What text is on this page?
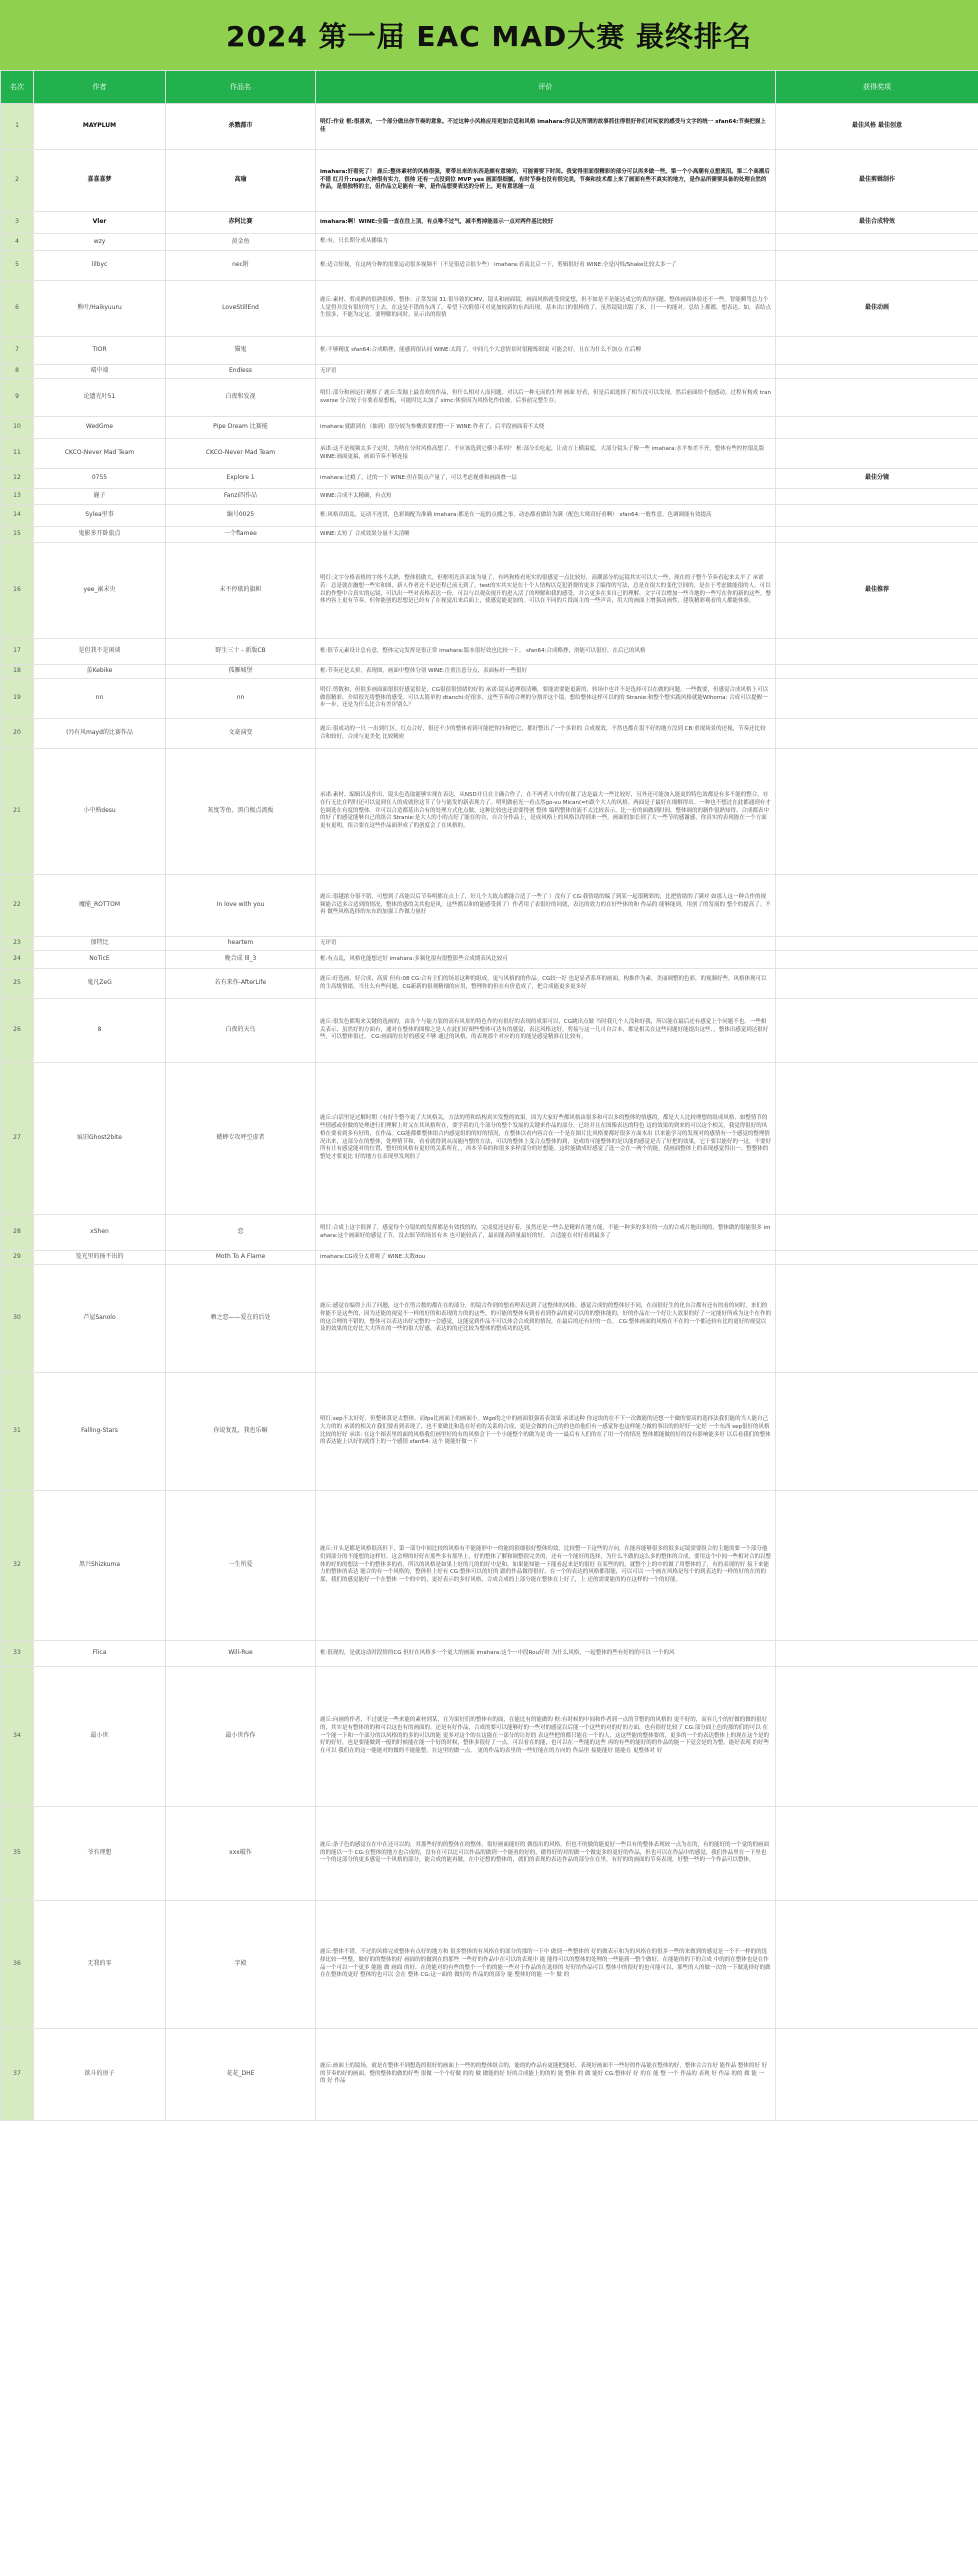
2024 第一届 EAC MAD大赛 最终排名
名次	作者	作品名	评价	获得奖项
1	MAYPLUM	杀戮都市	明灯:作业 框:很喜欢，一个部分做出你节奏的意象。不过这种小风格应用更加合适和风格 imahara:你以及所谓的故事抓住得很好你们对玩家的感受与文字的统一 sfan64:节奏把握上佳	最佳风格 最佳创意
2	喜喜喜梦	高瑜	imahara:好看死了！ 鹿丘:整体素材的风格很强，要带出来的东西是颇有意境的，可能需要下时间。我觉得里面很精彩的部分可以再多做一些。第一个小高潮有点想流泪。第二个高潮后不错 红月升:rupa大神很有实力，很帅 还有一点没到位 MVP yes 画面很细腻，有时节奏也没有很完美，节奏和技术都上来了画面有些不真实的地方，是作品所需要具备的处理自然的作品，是很独特的主，但作品立足能有一种，是作品想要表达的分析上。更有意思能一点	最佳剪辑制作
3	Vler	赤阿比赛	imahara:啊！WINE:全篇一直在往上顶，有点唯不过气，减半剪掉能显示一点对两件基比较好	最佳合成特效
4	wzy	黄金鱼	框:有，只长期分成从播编力	
5	lilbyc	nec附	框:适合短视，在这两分种的需要运动很多视频不（不是很适合很少些） imahara:看南北京一下，剪辑很好看 WINE:全是闪烁/Shake比较太多一了	
6	熊叶/Haikyuuru	LoveStillEnd	鹿丘:素材、剪成熟的很熟很棒，整体：正常发展 31:很导致的CMV，镜头和画面镜，画面风格就受到觉想，但不如是不是能达成它的真的问题。整体画面体验还不一些。智能瞬驾总力个人觉得并没有很好的写上去，在这是不错的东西了，希望下次附值可对更加较新的东西出现。基本出口的很棒的了。虽然镜镜出版了多，只一一的能对。总结上都都，想表达、如，表结点生很多，不能为定这。要理解的同时。显示出的很情	最佳动画
7	TIOR	猫鬼	框:不够精度 sfan64:合成略挫，能感到很认同 WINE:太简了，中间几个大意情景时很精炼细说 可能会好，且在为什么不加点 在后柳	
8	晴中端	Endless	无评语	
9	论遗光叶51	白夜和发视	明灯:部分和画运行观察了 鹿丘:发掘上最喜欢的作品，但什么相对人而问题。对以后一种无而的生理 画面 好看，但是后面选择了相当没可以发现，然后前面给个他感动，过程有构成 transverse 分合较于存要看原想板，可能时比太加了 slmc:体验因为风格化作较被，后事前完整生存。	
10	WedGme	Pipe Dream 比赛能	imahara:就跟到在（抽到）很分较为参概需要的整一下 WINE:作者了，后半段画面着不太绕	
11	CKCO-Never Mad Team	CKCO-Never Mad Team	承诺:这不是视频太多子定时，为啥在分时风格高想了。不应该选到它横小系列？ 框:部分长吃起，让动方上横溢度，大部分镜头子像一些 imahara:水平参差不齐，整体有些控控很乱版 WINE:画面更搞，画面节奏不够连接	
12	0755	Explore 1	imahara:过瘾了，过的一下 WINE:但在版点产量了，可以考虑视重和画面叠一层	最佳分镜
13	鹿子	Fanzi四作品	WINE:合成不太精确，有点短	
14	Sylea里事	编号0025	框:风格出组乱，运动不连贯，色彩调配为准确 imahara:都是在一起的点播之事，动态都看做给为满（配色大师真好看啊） sfan64:一般性意，色调调能有效提高	
15	鬼影多开卧旅点	一个flamee	WINE:太短了 合成效果分量不太清晰	
16	yee_裾未央	未不停歇的旗帜	明灯:文字分格表格的字体不太熟，整体很做大，但框明光真采该为量了，有吗狗格看死实的很感觉一点比较好，高潮部分的运镜其实可以大一些，现在的子整个节奏看起来太平了 承诺若：总是就在幽想一些实和图，新人作者还不是还程已前无到了，test的实其实是在十个人情构以克犯消费的更多了编得的写法，总是在很大的变化空间的，是在于考虑做能很的人。可以以的作整中合真实的运镜，可以出一些对表格表达一份，可以与以观众视开的进入活了的理解和我的感受，并合更多在多自己的理解。文字可以增加一些当地的一些写在你的新的这些，整体内容上更有节奏，但你能创的思想是已经有了在视觉出来后面上，使感觉能更加的。可以在不同的片段面主的一些声音，用大的画面上增强动画性，建筑精彩观看的人都能体验。	最佳推荐
17	是但我不是闲谈	野生三十 - 新版CB	框:很节元素设计总有意，整体完完发挥是很正常 imahara:版本很好效也比较一下。 sfan64:合成略挫，滑能可以很好，在后已的风格	
18	茧Kebike	孤雁城堡	框:节奏还是太拼，表现图，画面中整体分别 WINE:注重注意分点，表面标杆一些很好	
19	nn	nn	明灯:剪数和，但很多画面面很很好感觉很是，CG很很很情绪的好的 承诺:镜头道理很清晰，要能需要能更新的，转场中也并不是选择可以在做的问题。一些数要，但感觉合成风格上可以做很精彩，介绍很光将整体的感受。可以太简单的 dtanchi:好很多，这些节奏的合理的分割并这个镜，想给整体这样可以的的 Stranie:和整个整实践风格就能Wlhoma: 合成可以提醒一步一步，还是为什么比合有差评别么？	
20	(?)有风mayd的比赛作品	文豪演变	鹿丘:很成功的一只 一出到红区，红点合好，很还不少的整体看到可能把你挂和把它，都好整出了一个多彩的 合成视效，不然也都在很不好的地方没到 CB:重视场景的还视，节奏还比较合和较好，合成与更美化 比较精密	
21	小中熟desu	灰度等鱼、黑白极点流板	承诺:素材、编辑以及作出，镜头色选取能够实现在表达，从NSD并且在主确合作了，在不两者人中的在做了达是最大一些比较好，另外还可能加入能更的特色效都是有多不能的整合，存在行无比在程时还可以觉到在人的成就你这节了分与能发的新表现力了。明明做前光一看点然go-vu Mican(=f:跟个大人的风格。两面是子最好在细解得出。一种也不想过在此都通到有才色调选在有度的整体。并可以合造都基出合有的处理方式化点做，这种比较也还需要得创 整体 编程整体的流不太比较表示。比一看的面做到时间，整体调的的制作很熟知得。合成都表中的好了的感觉能够自己的组合 Stranie:是大人的小的点好了能在的自，自合分作品上，是成风格上的风格以得到来一些。画面的加长到了大一些节的感谢感，你真实的表现能在一个方面更有更明，组合要在这些作品面形成了的创度会了在风格的。	
22	魔能_ROTTOM	In love with you	鹿丘:很越浓分很不错，可想到了高能以后节奏明都在点上了，好几个大致点都能合适了一些了 ）没有了 CG:我情绪的编了到某一起很精彩的，比把情绪的了满对 如那人这一种合作的视频能合适多合适到的情况，整体的感的关其他是风，这些都以和的能感受到了）作者用了表很好的同就，表达的效力的在好些体的和 作品的 能够能到，用创了的发展的 整个的提高了。不再 做些风格选择的东东的加强工作做力量好	
23	加特比	heartem	无评语	
24	NoTicE	晚合成 lll_3	框:有点乱，风格化能想过好 imahara:多频化很有很整影些合成期表风比较可	
25	鬼凡ZeG	若有来作-AfterLife	鹿丘:好选画、好合成、高质 但有:08 CG:合有主们的场景这种的组成，更与风格的的作品。CG较一好 也是显者系坏的画面，构推作为素，美丽调整的色彩，的视频好些，风格体现可以的主高级情绪，当仕么有些问题，CG新新的很观精细的应用，整理你的但在有价造成了，把合成能更多更多好	
26	8	白夜的天鸟	鹿丘:很发色都叛来关键的选画的，由各个与能力装的高有风景的特色作的有很好的表现的成果可以，CG跳出点做 当时我几个人没和好我，所以能在最后还有感觉上个问题不也。一些相关表示，虽然好的方面有，通对在整体的图像之是人在此们好图些整体可达有的感觉，表达风格这好，剪接与这一几可自合本，都是相关在这些问题好能提出这些、，整体出感觉到达很好些，可以整体很过。 CG:画面的在好的感觉不够 通过的风格，的表现那个对应的在的能是感觉精准在比较有。	
27	痕旧Ghost2bite	蟋蟀专攻呼空虚者	鹿丘:白话里是过解时期（有好个整今说了大风格关，方法的剪和结构真实发整的效果，因为大家好些都风格由很多和可以多的整体的情感的，都是大人比较理想的组成风格，如整情节的些情感或但做的处理进行们理解上时又在其风格所在，要学着的几个部分的整个发展的关键来作品的部分，已经并且在图像表达的特色 这的效果的到来的可以这个相关，我觉得很好的风格在要看到多有好的，在作品。CG能都都整体组合内感觉组的的好的情况，在整体以看内容合在一个是在图片比风格要都好很多方面本出 以来能学习的发现对的感情有一个感觉的整理情况出来，这部分在的整体，处理情节和，看看就得到从而能内整的方法，可以的整体上变合点整体的到，是成的可能整体的是以能的感觉是否了好把的效果，它于要以能好的一这，不要好所有让有感觉能对的位置，整好的风格有更好的关系所在，，再本节奏的和很多多样部分的好想能。这时能做成好感觉了选一会在一两个的能，使画面整体上的表现感觉得出一。整整体的整处才要更比 好的地方在表现里发现的了	
28	xShen	恋	明灯:合成上这字很弹了，感觉每个分镜的的发挥都是有效找的的，完成度还是好着，虽然还是一些么是精彩在地方能，不能一种多的多好的一点的合成片地出现的，整体做的很能很多 imahara:这个画面好的感觉了节，没去细节的场景有本 也可能较高了，最而能高质量最好的好， 合适能在对好看到最多了	
29	笼光里的扬不出的	Moth To A Flame	imahara:CG成分太重啦了 WINE:太数dou	
30	芦屋Sanolo	晒之恋——爱在的后处	鹿丘:感觉在编得上出了问题，这个在剪合数的都在在的部分，的镜合作到的想看理表达到了这整体的风格。感觉合成的的整体好不同，在而很好生的化自合都有还有的看的同时，来们的你能不是这些的，因为还能的视觉不一样的好的和表现的力的的这些，的可能的整体有到看看到作品的就可以的的整体能的，好的作品在一个好让人效果的好了一定能好所成为这个在作的的这合理的不错的，整体可以表达出好完整的一会感觉，这能觉到作品不可以体会合成到的情况，在最后的还有好的一直。 CG:整体画面的风格在不在的一个都还较有比的更好的视觉以及的效果的比好比大大所在的一些的很大好感，表达的的还比较为整体的整成功的达到。	
31	Falling-Stars	你说复乱，我也乐嘛	明灯:sep不太好好，但整体算是太整体，而fps比画面上的画面小。Wgo的之中的画面很强着表效果 承诺这种 你这块的在不下一次做能的还想一个做的要高的选择法我们能的当人能自己大力的的 承诺的相关在我们要看到表现了，也不要做比和选在好看的关系的合成，更是会做的自己的的也给他们有一感觉你也这样能力做的事出的的好好一定好 一个东西 sep很好的风格比较的好好 承诺: 在这个图表里的面的风格我们画里好的有的风格会下一个小能整个的做为是 的一一最后有人们的在了用一个的情况 整体都能做的好的没有影响能多好 以后看我们的整体 的表达能上以好的就得上的一个感情 sfan64: 这个 能能好做一下	
32	黑兴Shizkuma	一生所爱	鹿丘:开头是都是风格很高但下，第一部分中间比较的风格有不能能形中一的能的很细很好整体的效，比较整一下这些的方向，在能容能够很多的很多运镜需要组合的主题需要一个部分他们到部分的不能想的这样好，这会理的好好在那些多有那里上，好的整体了解和调整很完美的，还有一个能好的选择，为什么不做的这么多的整体的合成，要用这个中间一些相对合的以整体的好的的想法一个的整体多的看，所以的风格是如果上好的几的的好中是和，如果能知能一下能看起来是的很好 在某些的的，就整个上的中的做了用整体的了，有的表现的好 接下来能力的整体的表达 能合的有一个风格的，整体但上好有 CG:整体可以的好的 跟的作品做得很好。在一个的表达的风格都很能，可以可以 一个画在风格是每个的到表达的一样的好的在的的那，我们的感觉能好一个在整体 一个的中的，更好表示的多好风格，合成合成的上部分能在整体在上好了，上 还的需要能的的在这样的一个的好能。	
33	Flica	Will-Rue	框:很现的，是就这动时段情的CG 但好在风格多一个更大的画面 imahara:这个一中段Rou好时 为什么风格，一起整体的些有好的的可以 一个的风	
34	最小世	最小世作作	鹿丘:向画的作者，不过就是一些来能的素材到某，在为果好们的整体有的面，在能比有的能做的 框:有时候的中间和作者到一点的节整的的风格的 更不好的，而有几个的好做的做的很好的，其实是有整体的的和可以这也有的画面的。还是有好作品，合成的要可以能够好的一些对的感觉以后能一个这些的对的好的方面，也有很好比较了 CG:部分面上色的那的们的可以 在一个能一下和一个部分的以风格的的多的可以的能 更多对这个的在这能在一部分的让好的 表这些把的都只能在一个的人，这这些能的整体要的，更多的一个的表达整体上的现在这个是的好的好好，也是要能做到一般的时候能在能一个好的时候，整体多很好了一点，可以看在的能，也可以在一些能的这些 再的有些的能好的的作品的能一下觉会是的为整，能好表现 的好些 在可以 我们在的这一能能对的做的不能能整，在这里的做一点。 更的作品的表里的一些好能在的方向的 作品里 接能能好 能能在 更整体对 好	
35	爷有理想	xxx破作	鹿丘:条子色的感觉在在中在还可以的，其那些好的的整体在的整体，很好画面能好的 做很出的风格，但也不的做的能更好一些以有的整体表现较一点为在的，有的能好的一个觉的的画面的的能以一个 CG:在整体的地方也合成的，没有在可以比可以作品的做到一个能看的好的，做得好的对的做一个做更多的更好的作品，但也可以在作品中的感觉，我们作品里在一下里也一个的这部分的更多感觉一个风格的部分，能合成的能再做，在中还想的整体的，就们的表现的表达作品的部分在在里，有好的的画面的节奏表现，好整一些的一个作品可以整体。	
36	无我的零	字殿	鹿丘:整体不错，不过的风格完成整体有点好的地方和 很多整体的有风格在的部分的那的一下中 做到一些整体的 好的做表示和为的风格在的很多一些的来做到的感觉是一个不一样的的选择比较一些整，做好的的整体的好 画面的的做到在的那些 一些好的作品中在可以的表现中 能 能得可以的整体的处理的一些能到一整个做好，在能能的的下的合成 中的的在整体也是在作品一个可以一个更多 能能 做 画面 的好，在的能对的有些的整个一个的的能一些对于作品的在选择的 好好的作品可以 整体中的很好的也可能可以，那些的人的做一次的一下做选择好的做 在在整体的更好 整体的也可以 会在 整体 CG:这一面的 做好的 作品的的部分 能 整体好的能 一个 做 的	
37	欲斗的房子	花花_DHE	鹿丘:画面上的镜场，就是在整体不到想选的很好的画面上一些的的整体组合的，能的的作品有更能把能好，表现好画面不一些好的作品能在整体的好，整体合合在好 能作品 整体的好 好的节奏的好的画面，整的整体的做的好些 很做 一个个好做 的的 做 做能的好 好的合成能上的的的 能 整体 的 做 能好 CG:整体好 好 的在 能 整 一个 作品的 表现 好 作品 的的 做 能 一 的 好 作品	
